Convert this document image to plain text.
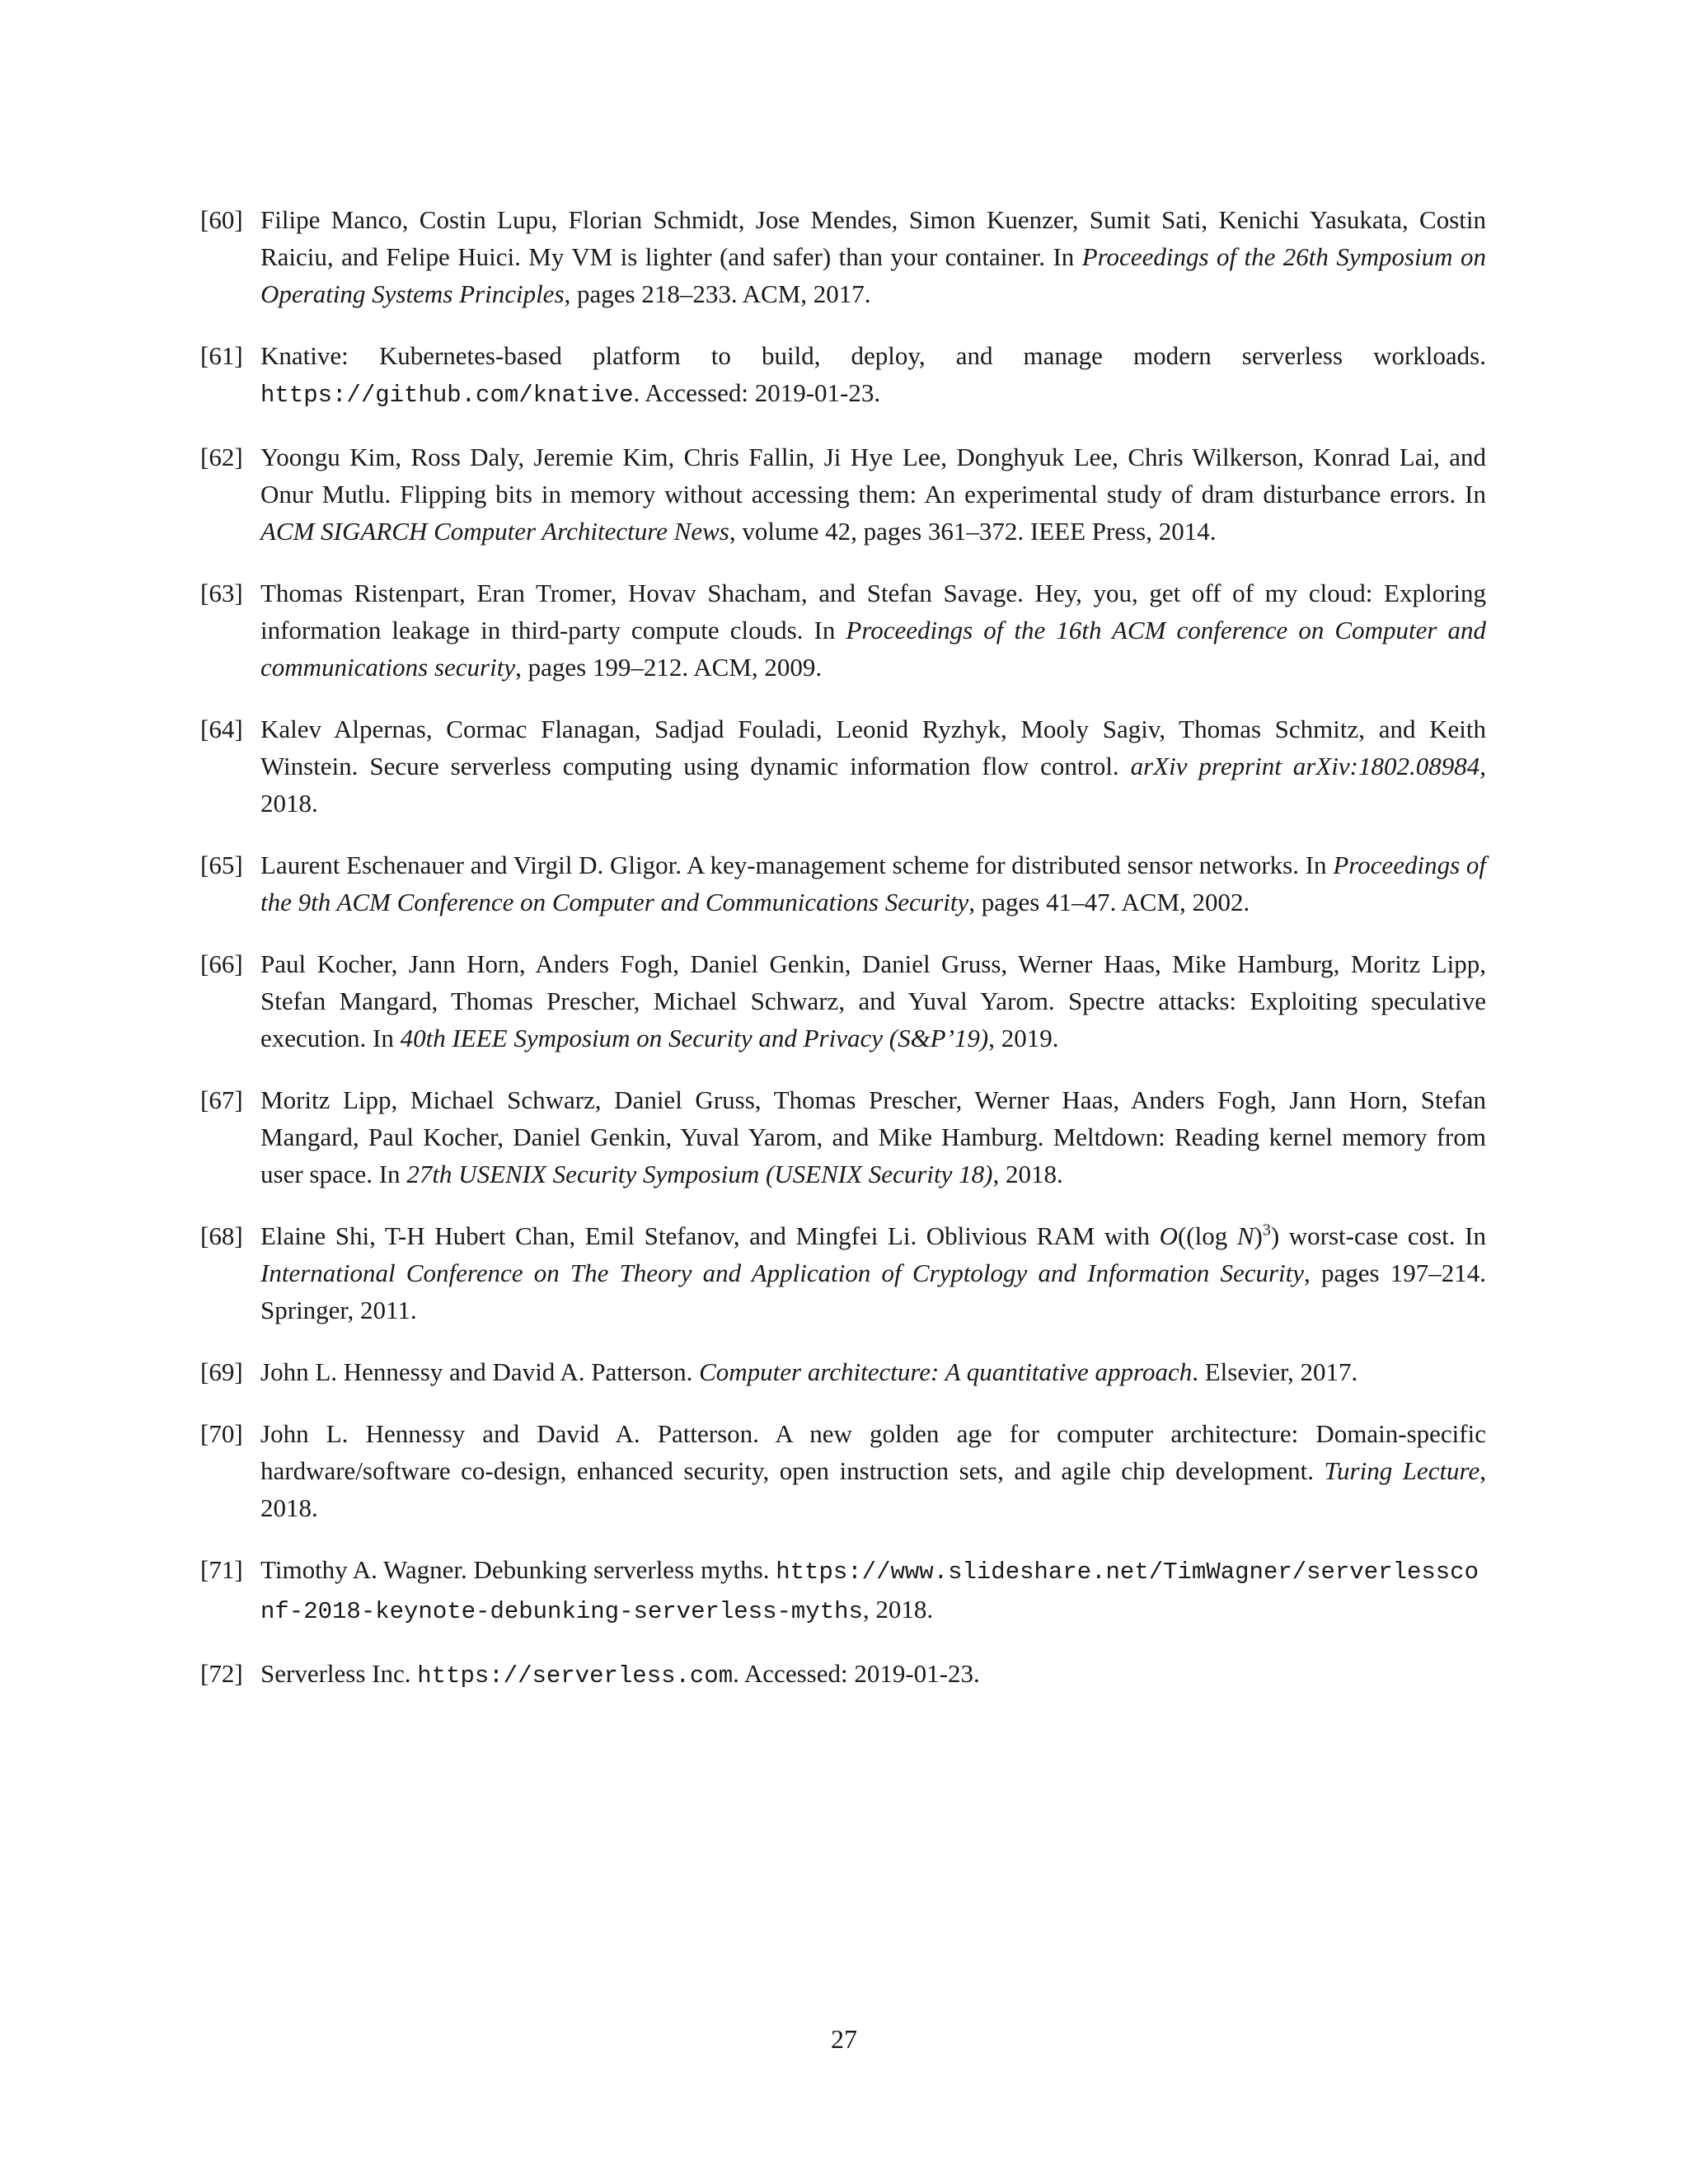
[60] Filipe Manco, Costin Lupu, Florian Schmidt, Jose Mendes, Simon Kuenzer, Sumit Sati, Kenichi Yasukata, Costin Raiciu, and Felipe Huici. My VM is lighter (and safer) than your container. In Proceedings of the 26th Symposium on Operating Systems Principles, pages 218–233. ACM, 2017.
[61] Knative: Kubernetes-based platform to build, deploy, and manage modern serverless workloads. https://github.com/knative. Accessed: 2019-01-23.
[62] Yoongu Kim, Ross Daly, Jeremie Kim, Chris Fallin, Ji Hye Lee, Donghyuk Lee, Chris Wilkerson, Konrad Lai, and Onur Mutlu. Flipping bits in memory without accessing them: An experimental study of dram disturbance errors. In ACM SIGARCH Computer Architecture News, volume 42, pages 361–372. IEEE Press, 2014.
[63] Thomas Ristenpart, Eran Tromer, Hovav Shacham, and Stefan Savage. Hey, you, get off of my cloud: Exploring information leakage in third-party compute clouds. In Proceedings of the 16th ACM conference on Computer and communications security, pages 199–212. ACM, 2009.
[64] Kalev Alpernas, Cormac Flanagan, Sadjad Fouladi, Leonid Ryzhyk, Mooly Sagiv, Thomas Schmitz, and Keith Winstein. Secure serverless computing using dynamic information flow control. arXiv preprint arXiv:1802.08984, 2018.
[65] Laurent Eschenauer and Virgil D. Gligor. A key-management scheme for distributed sensor networks. In Proceedings of the 9th ACM Conference on Computer and Communications Security, pages 41–47. ACM, 2002.
[66] Paul Kocher, Jann Horn, Anders Fogh, Daniel Genkin, Daniel Gruss, Werner Haas, Mike Hamburg, Moritz Lipp, Stefan Mangard, Thomas Prescher, Michael Schwarz, and Yuval Yarom. Spectre attacks: Exploiting speculative execution. In 40th IEEE Symposium on Security and Privacy (S&P’19), 2019.
[67] Moritz Lipp, Michael Schwarz, Daniel Gruss, Thomas Prescher, Werner Haas, Anders Fogh, Jann Horn, Stefan Mangard, Paul Kocher, Daniel Genkin, Yuval Yarom, and Mike Hamburg. Meltdown: Reading kernel memory from user space. In 27th USENIX Security Symposium (USENIX Security 18), 2018.
[68] Elaine Shi, T-H Hubert Chan, Emil Stefanov, and Mingfei Li. Oblivious RAM with O((log N)$^3$) worst-case cost. In International Conference on The Theory and Application of Cryptology and Information Security, pages 197–214. Springer, 2011.
[69] John L. Hennessy and David A. Patterson. Computer architecture: A quantitative approach. Elsevier, 2017.
[70] John L. Hennessy and David A. Patterson. A new golden age for computer architecture: Domain-specific hardware/software co-design, enhanced security, open instruction sets, and agile chip development. Turing Lecture, 2018.
[71] Timothy A. Wagner. Debunking serverless myths. https://www.slideshare.net/TimWagner/serverlessconf-2018-keynote-debunking-serverless-myths, 2018.
[72] Serverless Inc. https://serverless.com. Accessed: 2019-01-23.
27
